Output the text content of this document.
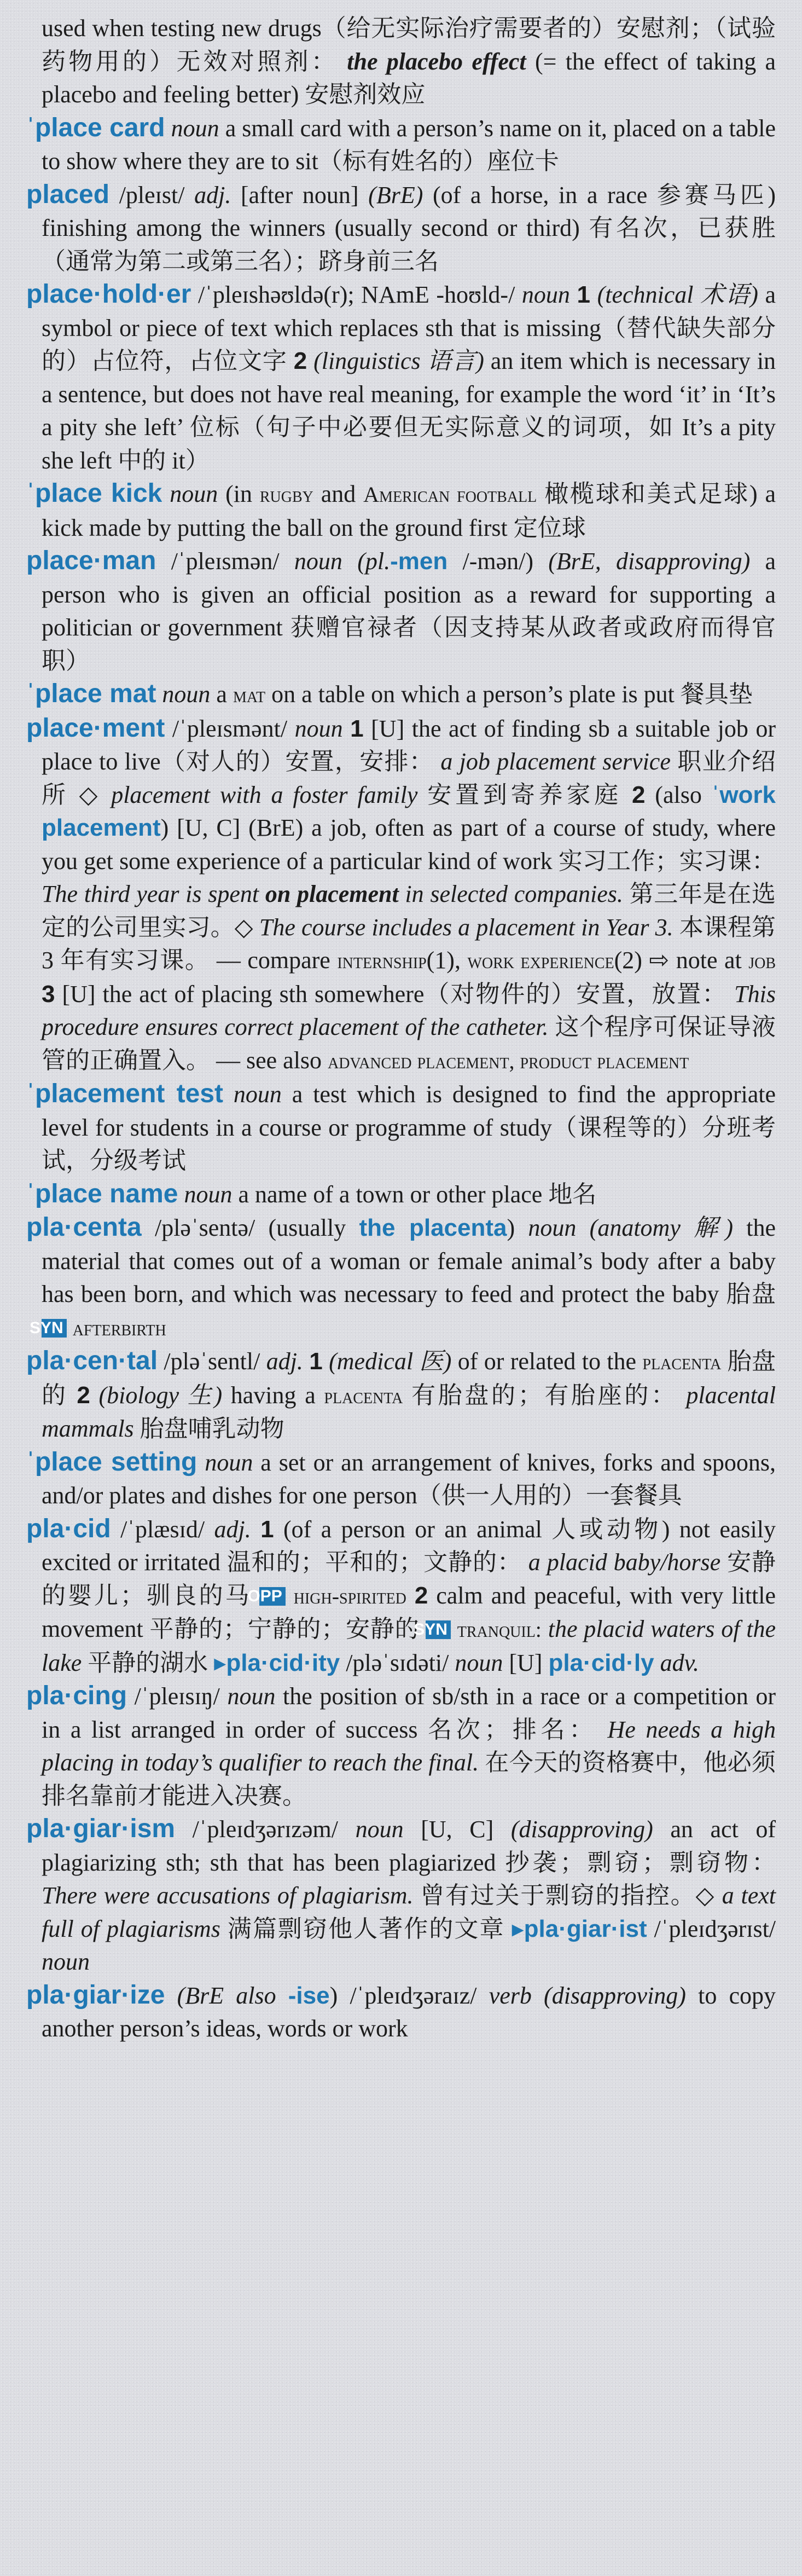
used when testing new drugs（给无实际治疗需要者的）安慰剂；（试验药物用的）无效对照剂： the placebo effect (= the effect of taking a placebo and feeling better) 安慰剂效应

ˈplace card noun a small card with a person’s name on it, placed on a table to show where they are to sit（标有姓名的）座位卡

placed /pleɪst/ adj. [after noun] (BrE) (of a horse, in a race 参赛马匹) finishing among the winners (usually second or third) 有名次，已获胜（通常为第二或第三名）；跻身前三名

place·hold·er /ˈpleɪshəʊldə(r); NAmE -hoʊld-/ noun 1 (technical 术语) a symbol or piece of text which replaces sth that is missing（替代缺失部分的）占位符，占位文字 2 (linguistics 语言) an item which is necessary in a sentence, but does not have real meaning, for example the word ‘it’ in ‘It’s a pity she left’ 位标（句子中必要但无实际意义的词项，如 It’s a pity she left 中的 it）

ˈplace kick noun (in rugby and American football 橄榄球和美式足球) a kick made by putting the ball on the ground first 定位球

place·man /ˈpleɪsmən/ noun (pl.-men /-mən/) (BrE, disapproving) a person who is given an official position as a reward for supporting a politician or government 获赠官禄者（因支持某从政者或政府而得官职）

ˈplace mat noun a mat on a table on which a person’s plate is put 餐具垫

place·ment /ˈpleɪsmənt/ noun 1 [U] the act of finding sb a suitable job or place to live（对人的）安置，安排： a job placement service 职业介绍所 ◇ placement with a foster family 安置到寄养家庭 2 (also ˈwork placement) [U, C] (BrE) a job, often as part of a course of study, where you get some experience of a particular kind of work 实习工作；实习课： The third year is spent on placement in selected companies. 第三年是在选定的公司里实习。◇ The course includes a placement in Year 3. 本课程第 3 年有实习课。 — compare internship(1), work experience(2) ⇨ note at job 3 [U] the act of placing sth somewhere（对物件的）安置，放置： This procedure ensures correct placement of the catheter. 这个程序可保证导液管的正确置入。 — see also advanced placement, product placement

ˈplacement test noun a test which is designed to find the appropriate level for students in a course or programme of study（课程等的）分班考试，分级考试

ˈplace name noun a name of a town or other place 地名

pla·centa /pləˈsentə/ (usually the placenta) noun (anatomy 解) the material that comes out of a woman or female animal’s body after a baby has been born, and which was necessary to feed and protect the baby 胎盘 SYN afterbirth

pla·cen·tal /pləˈsentl/ adj. 1 (medical 医) of or related to the placenta 胎盘的 2 (biology 生) having a placenta 有胎盘的；有胎座的： placental mammals 胎盘哺乳动物

ˈplace setting noun a set or an arrangement of knives, forks and spoons, and/or plates and dishes for one person（供一人用的）一套餐具

pla·cid /ˈplæsɪd/ adj. 1 (of a person or an animal 人或动物) not easily excited or irritated 温和的；平和的；文静的： a placid baby/horse 安静的婴儿；驯良的马 OPP high-spirited 2 calm and peaceful, with very little movement 平静的；宁静的；安静的 SYN tranquil: the placid waters of the lake 平静的湖水 ▸pla·cid·ity /pləˈsɪdəti/ noun [U] pla·cid·ly adv.

pla·cing /ˈpleɪsɪŋ/ noun the position of sb/sth in a race or a competition or in a list arranged in order of success 名次；排名： He needs a high placing in today’s qualifier to reach the final. 在今天的资格赛中，他必须排名靠前才能进入决赛。

pla·giar·ism /ˈpleɪdʒərɪzəm/ noun [U, C] (disapproving) an act of plagiarizing sth; sth that has been plagiarized 抄袭；剽窃；剽窃物： There were accusations of plagiarism. 曾有过关于剽窃的指控。◇ a text full of plagiarisms 满篇剽窃他人著作的文章 ▸pla·giar·ist /ˈpleɪdʒərɪst/ noun

pla·giar·ize (BrE also -ise) /ˈpleɪdʒəraɪz/ verb (disapproving) to copy another person’s ideas, words or work
